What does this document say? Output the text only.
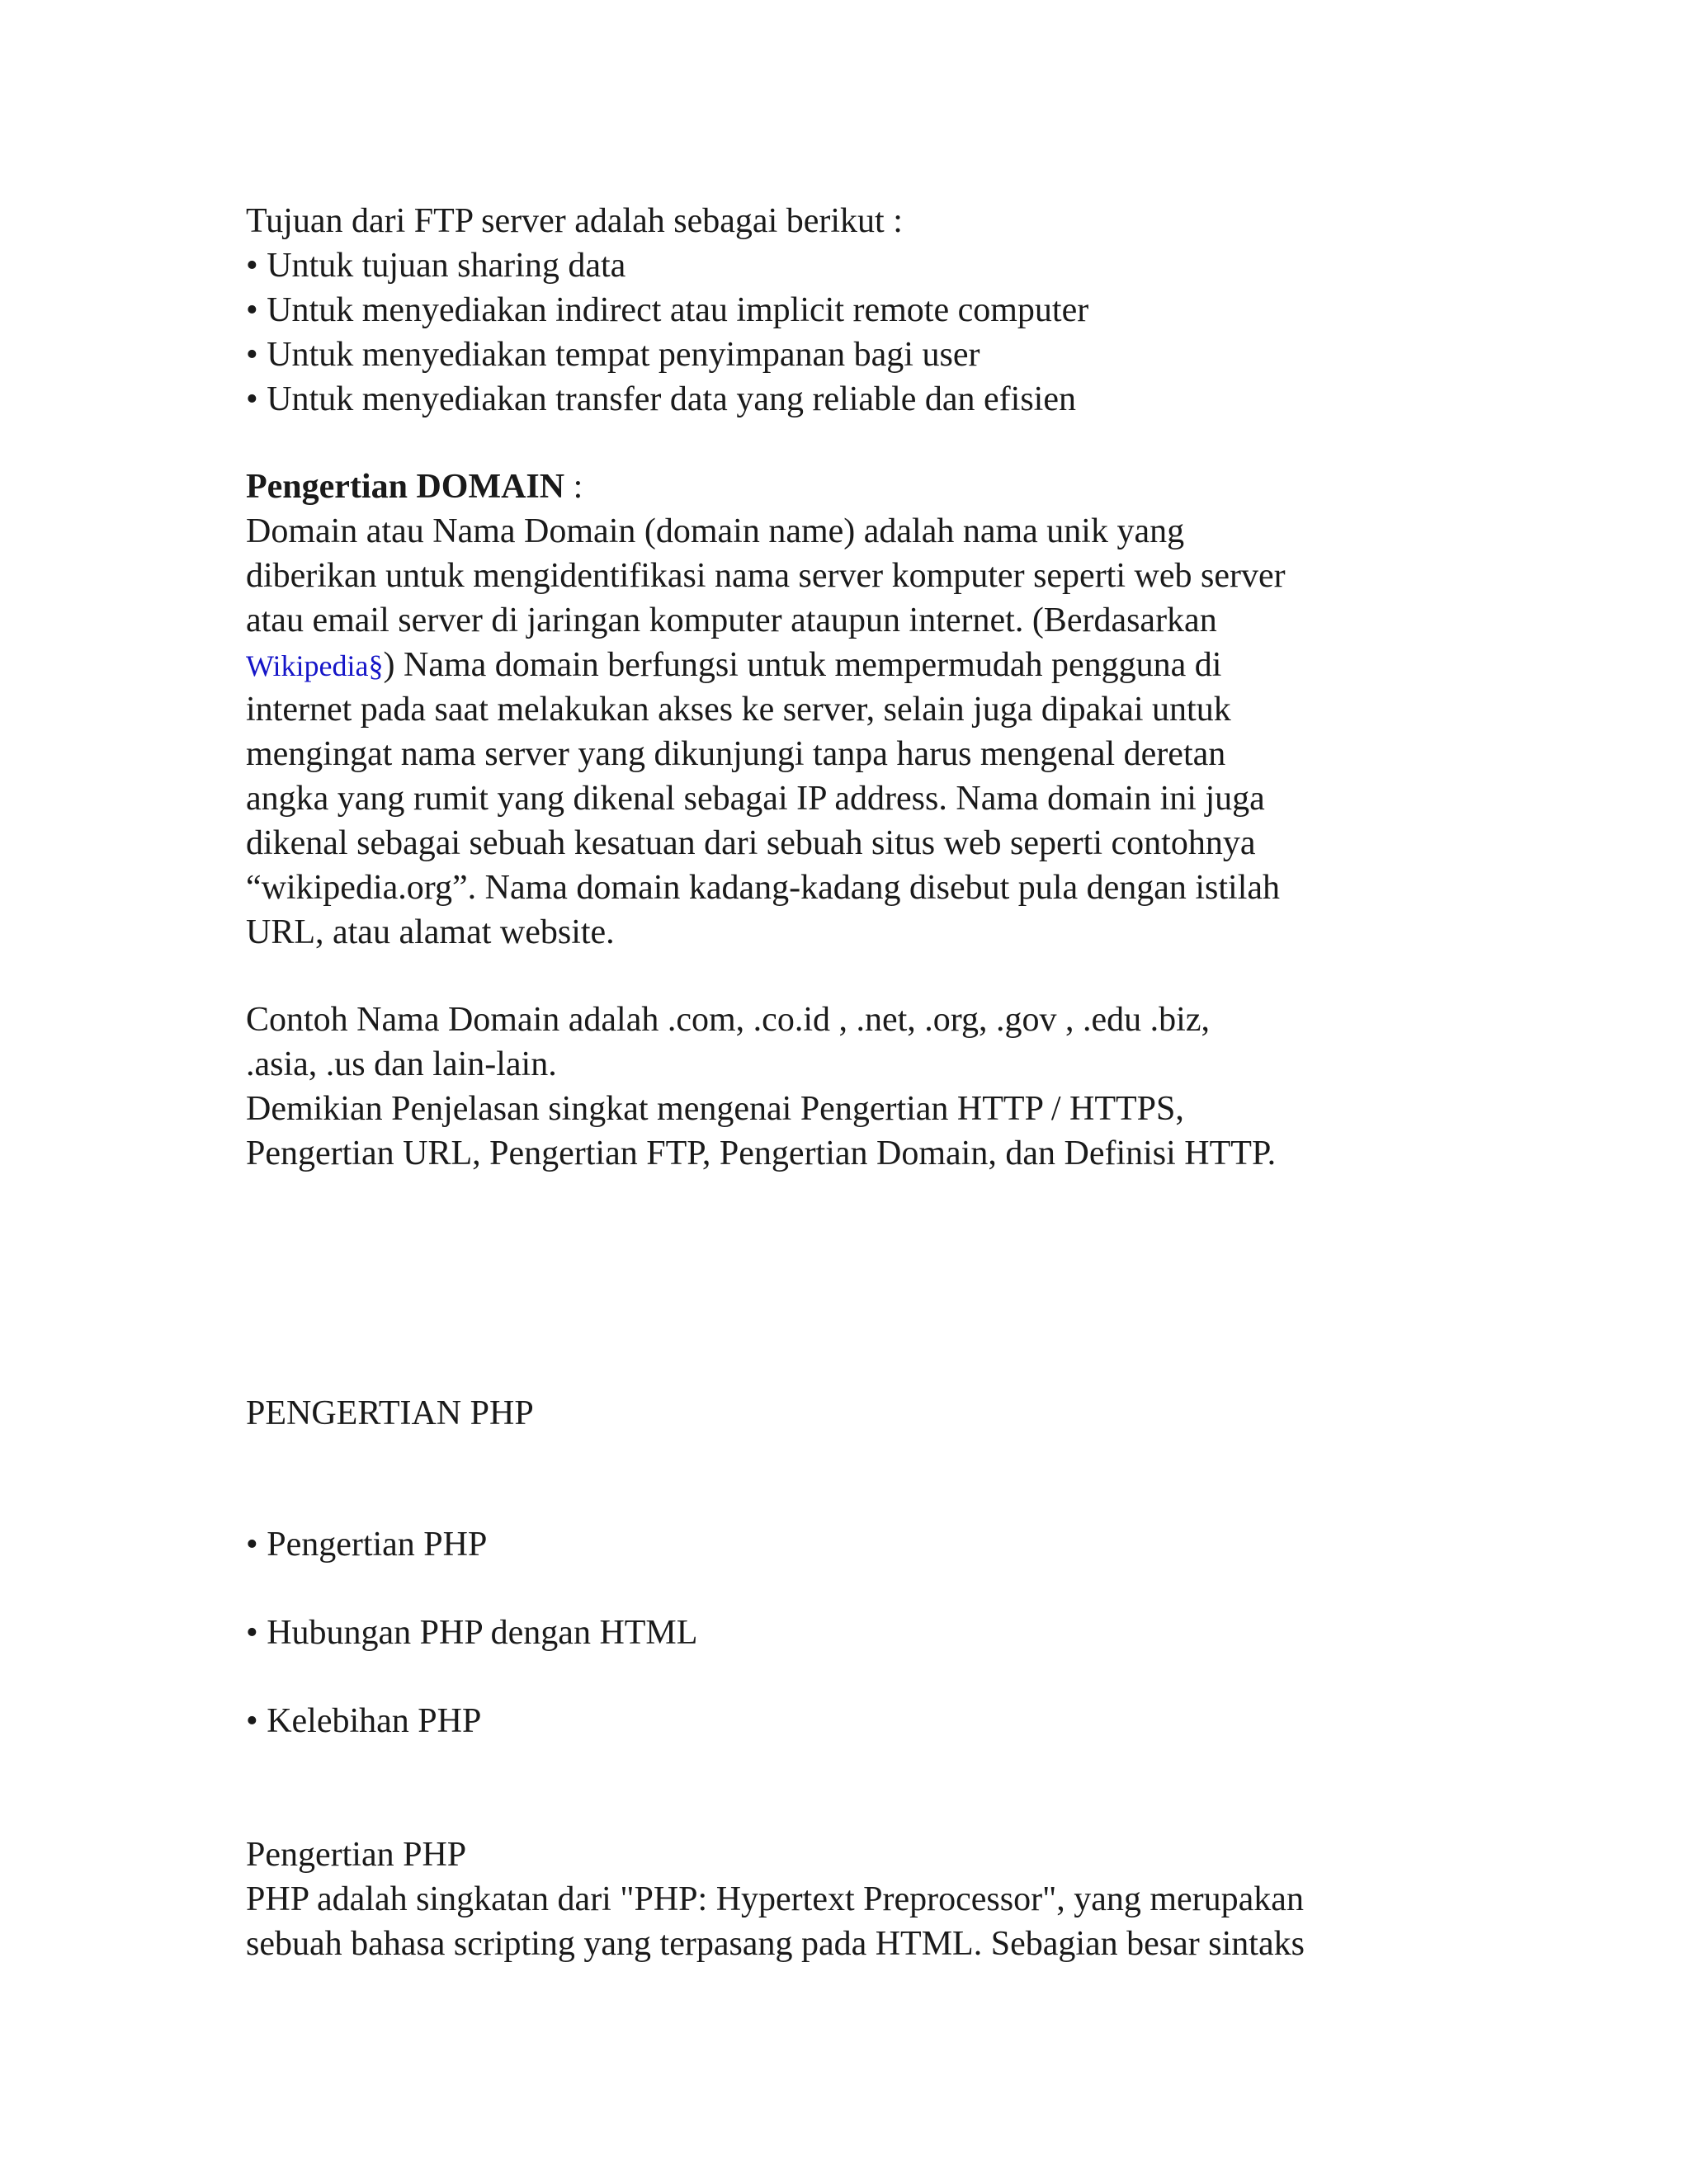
Tujuan dari FTP server adalah sebagai berikut :
• Untuk tujuan sharing data
• Untuk menyediakan indirect atau implicit remote computer
• Untuk menyediakan tempat penyimpanan bagi user
• Untuk menyediakan transfer data yang reliable dan efisien
Pengertian DOMAIN :
Domain atau Nama Domain (domain name) adalah nama unik yang
diberikan untuk mengidentifikasi nama server komputer seperti web server
atau email server di jaringan komputer ataupun internet. (Berdasarkan
Wikipedia§) Nama domain berfungsi untuk mempermudah pengguna di
internet pada saat melakukan akses ke server, selain juga dipakai untuk
mengingat nama server yang dikunjungi tanpa harus mengenal deretan
angka yang rumit yang dikenal sebagai IP address. Nama domain ini juga
dikenal sebagai sebuah kesatuan dari sebuah situs web seperti contohnya
“wikipedia.org”. Nama domain kadang-kadang disebut pula dengan istilah
URL, atau alamat website.
Contoh Nama Domain adalah .com, .co.id , .net, .org, .gov , .edu .biz,
.asia, .us dan lain-lain.
Demikian Penjelasan singkat mengenai Pengertian HTTP / HTTPS,
Pengertian URL, Pengertian FTP, Pengertian Domain, dan Definisi HTTP.
PENGERTIAN PHP
• Pengertian PHP
• Hubungan PHP dengan HTML
• Kelebihan PHP
Pengertian PHP
PHP adalah singkatan dari "PHP: Hypertext Preprocessor", yang merupakan
sebuah bahasa scripting yang terpasang pada HTML. Sebagian besar sintaks
